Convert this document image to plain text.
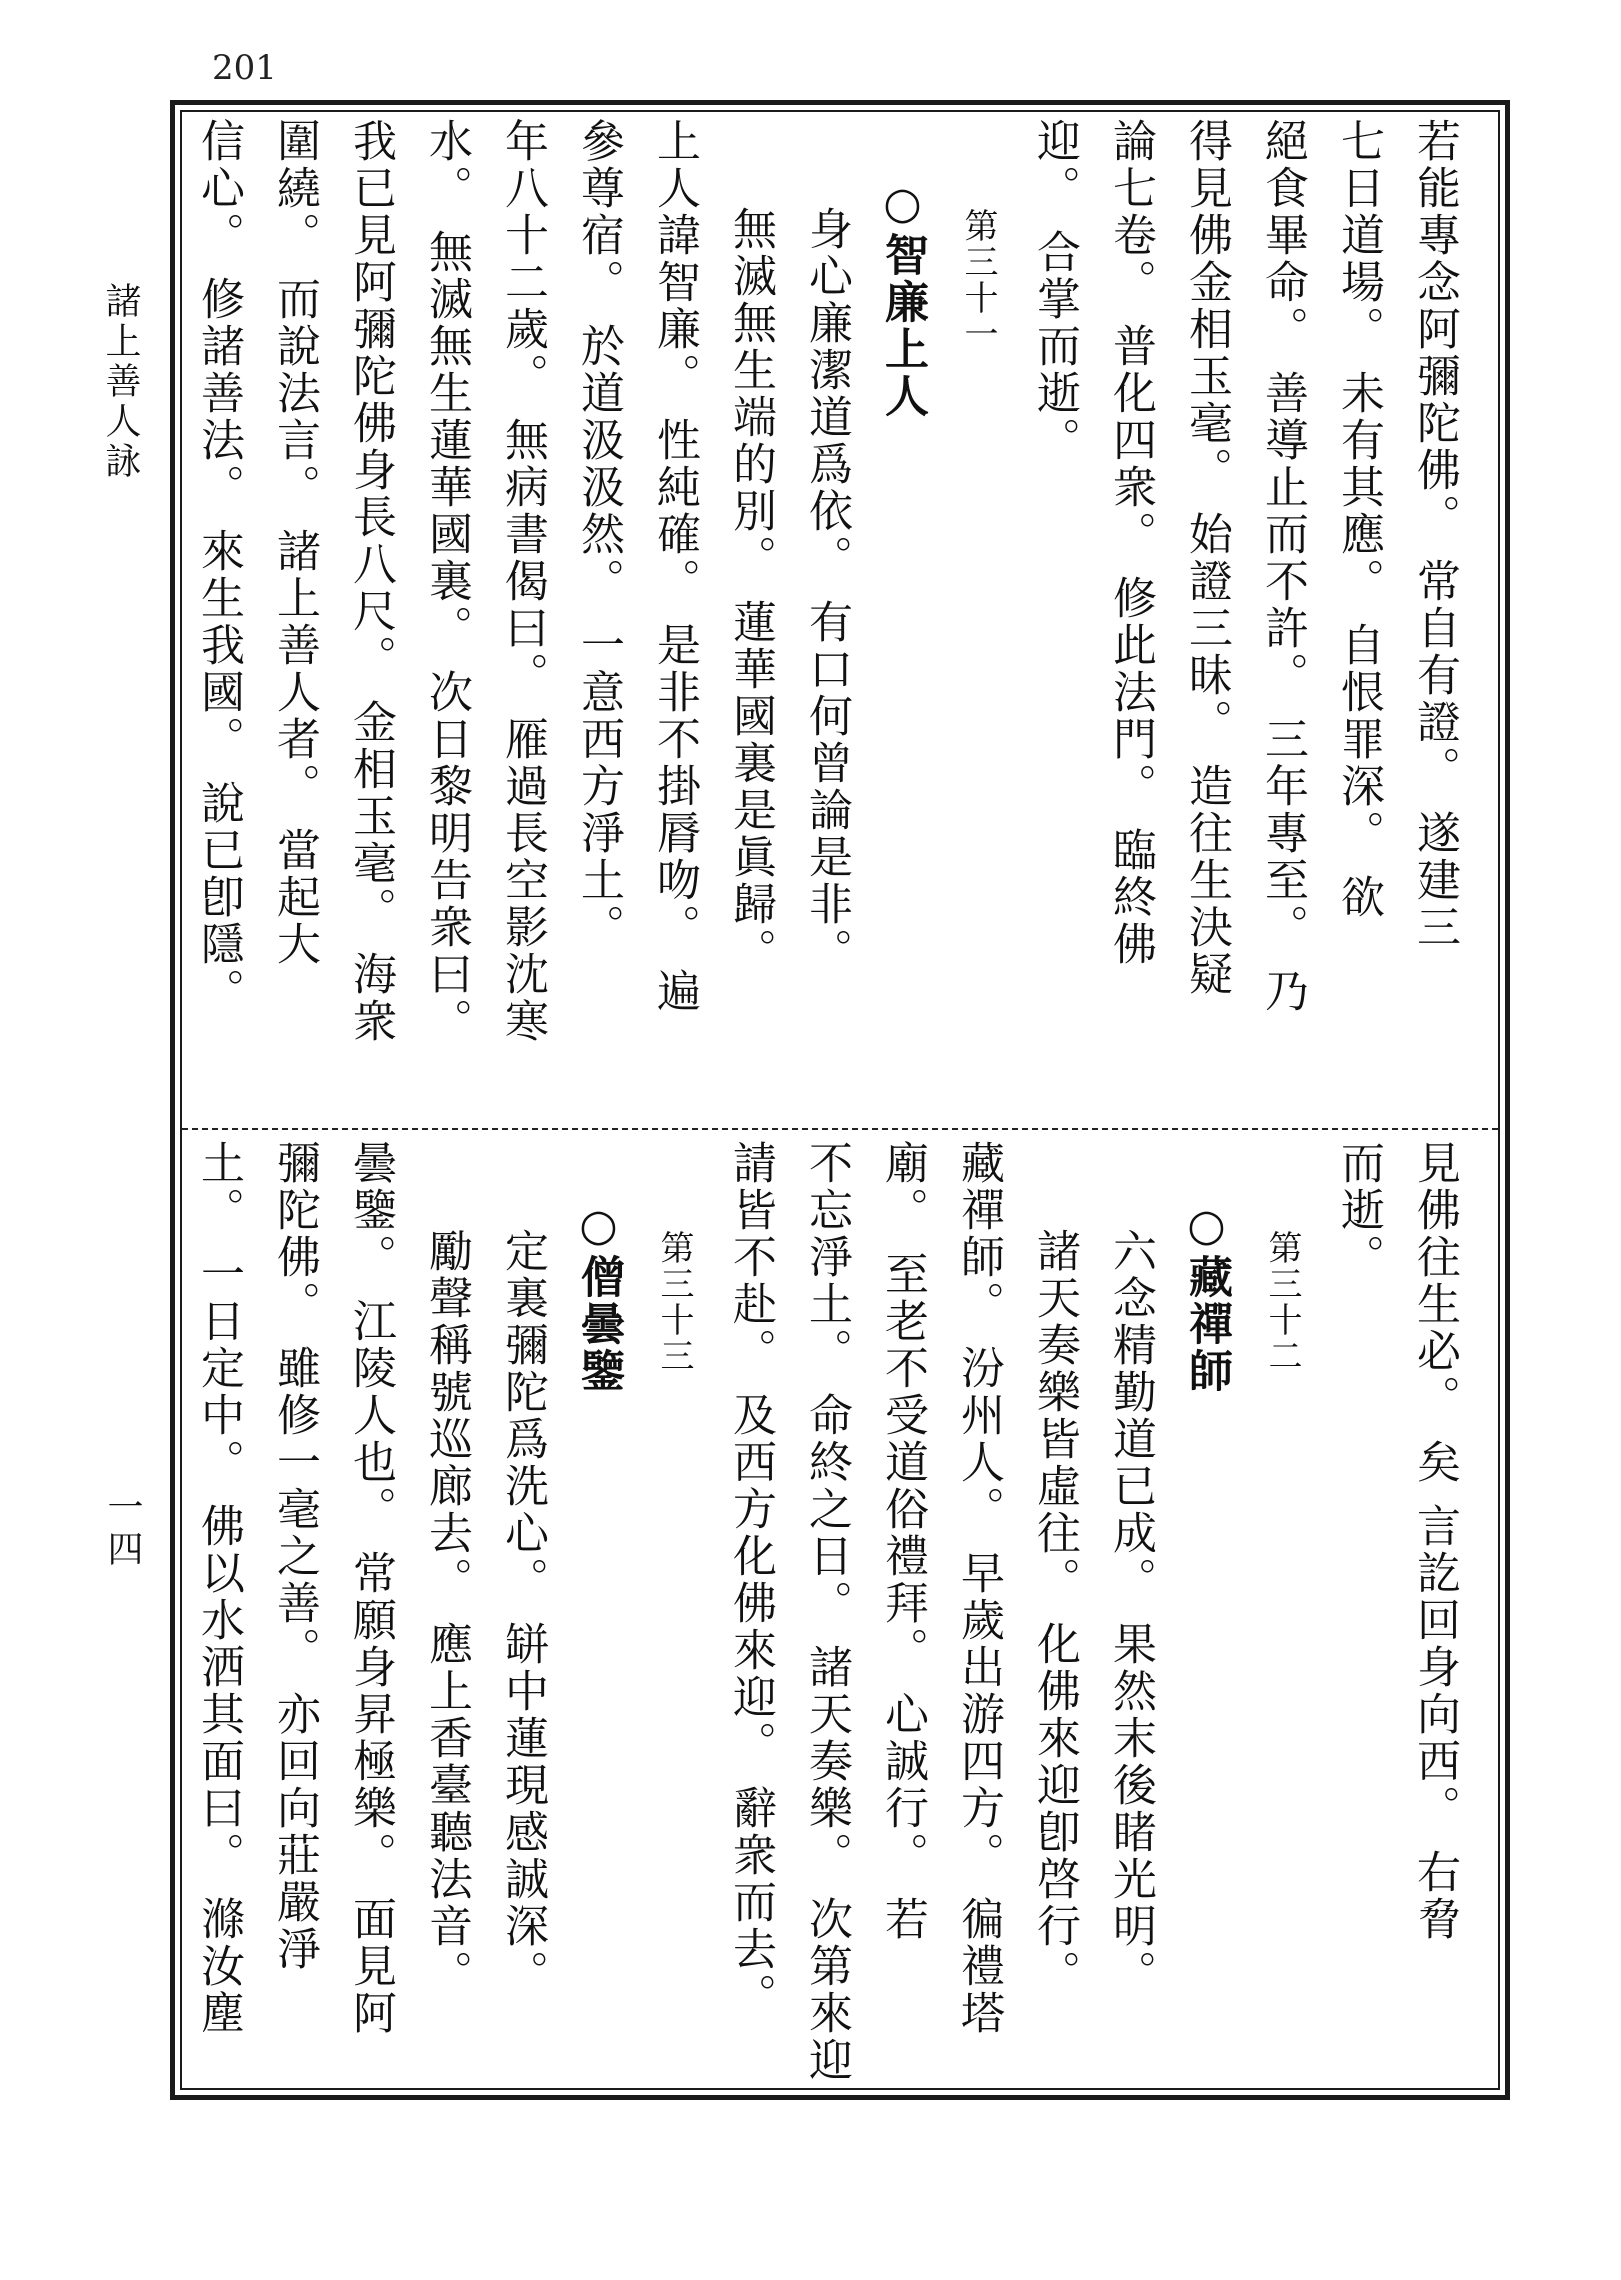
201
諸上善人詠
一四

若能專念阿彌陀佛。 常自有證。 遂建三

七日道場。 未有其應。 自恨罪深。 欲

絕食畢命。 善導止而不許。 三年專至。 乃

得見佛金相玉毫。 始證三昧。 造往生決疑

論七卷。 普化四衆。 修此法門。 臨終佛

迎。 合掌而逝。

第三十一

○智廉上人

身心廉潔道爲依。 有口何曾論是非。

無滅無生端的別。 蓮華國裏是眞歸。

上人諱智廉。 性純確。 是非不掛脣吻。 遍

參尊宿。 於道汲汲然。 一意西方淨土。

年八十二歲。 無病書偈曰。 雁過長空影沈寒

水。 無滅無生蓮華國裏。 次日黎明告衆曰。

我已見阿彌陀佛身長八尺。 金相玉毫。 海衆

圍繞。 而說法言。 諸上善人者。 當起大

信心。 修諸善法。 來生我國。 說已卽隱。

見佛往生必。 矣 言訖回身向西。 右脅

而逝。

第三十二

○藏禪師

六念精勤道已成。 果然末後睹光明。

諸天奏樂皆虛往。 化佛來迎卽啓行。

藏禪師。 汾州人。 早歲出游四方。 徧禮塔

廟。 至老不受道俗禮拜。 心誠行。 若

不忘淨土。 命終之日。 諸天奏樂。 次第來迎

請皆不赴。 及西方化佛來迎。 辭衆而去。

第三十三

○僧曇鑒

定裏彌陀爲洗心。 缾中蓮現感誠深。

勵聲稱號巡廊去。 應上香臺聽法音。

曇鑒。 江陵人也。 常願身昇極樂。 面見阿

彌陀佛。 雖修一毫之善。 亦回向莊嚴淨

土。 一日定中。 佛以水洒其面曰。 滌汝塵
